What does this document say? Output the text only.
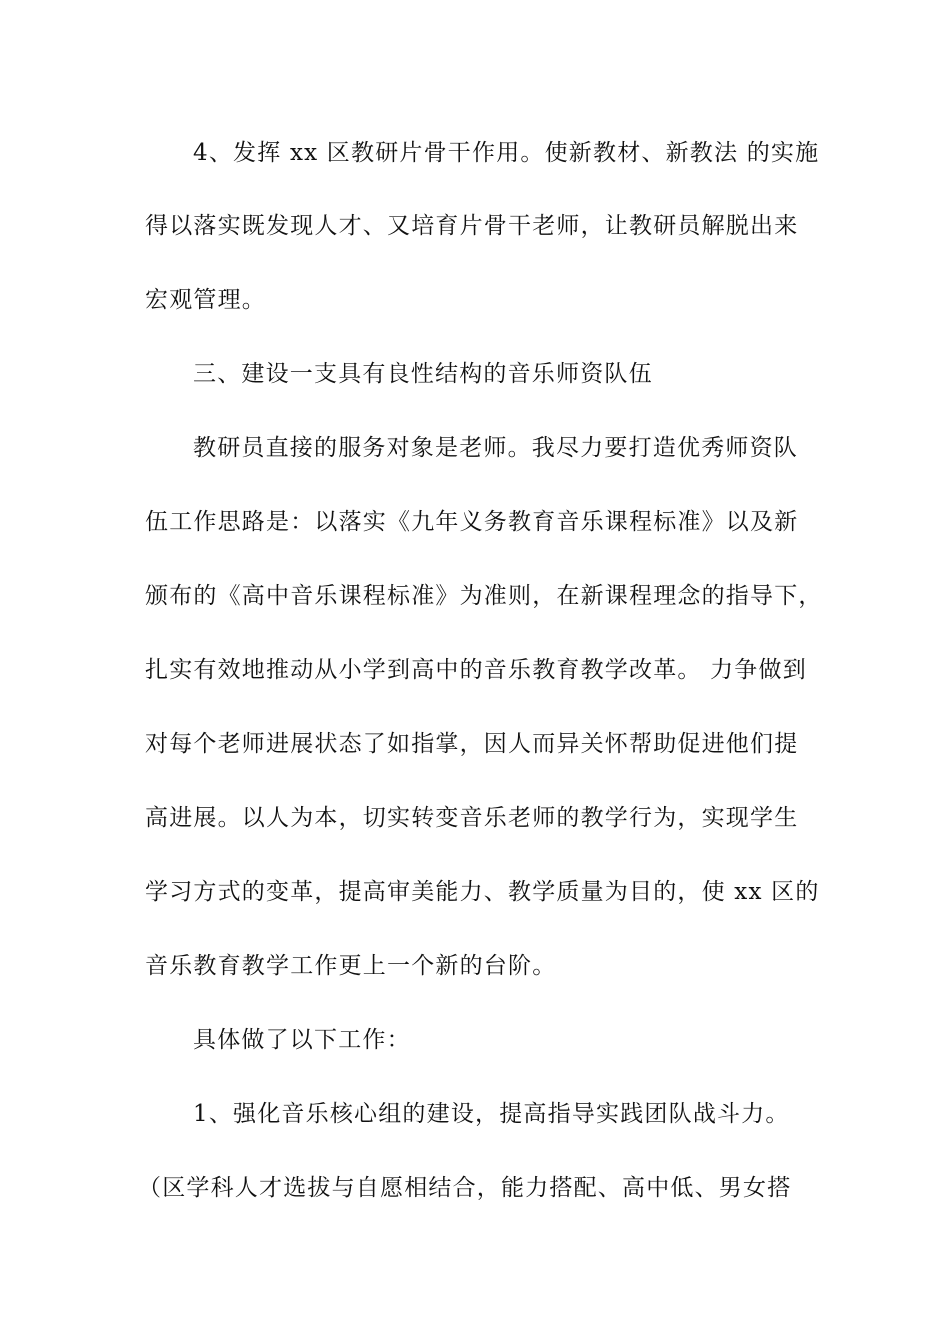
4、发挥 xx 区教研片骨干作用。使新教材、新教法 的实施
得以落实既发现人才、又培育片骨干老师，让教研员解脱出来
宏观管理。
三、建设一支具有良性结构的音乐师资队伍
教研员直接的服务对象是老师。我尽力要打造优秀师资队
伍工作思路是：以落实《九年义务教育音乐课程标准》以及新
颁布的《高中音乐课程标准》为准则，在新课程理念的指导下，
扎实有效地推动从小学到高中的音乐教育教学改革。 力争做到
对每个老师进展状态了如指掌，因人而异关怀帮助促进他们提
高进展。以人为本，切实转变音乐老师的教学行为，实现学生
学习方式的变革，提高审美能力、教学质量为目的，使 xx 区的
音乐教育教学工作更上一个新的台阶。
具体做了以下工作：
1、强化音乐核心组的建设，提高指导实践团队战斗力。
（区学科人才选拔与自愿相结合，能力搭配、高中低、男女搭
